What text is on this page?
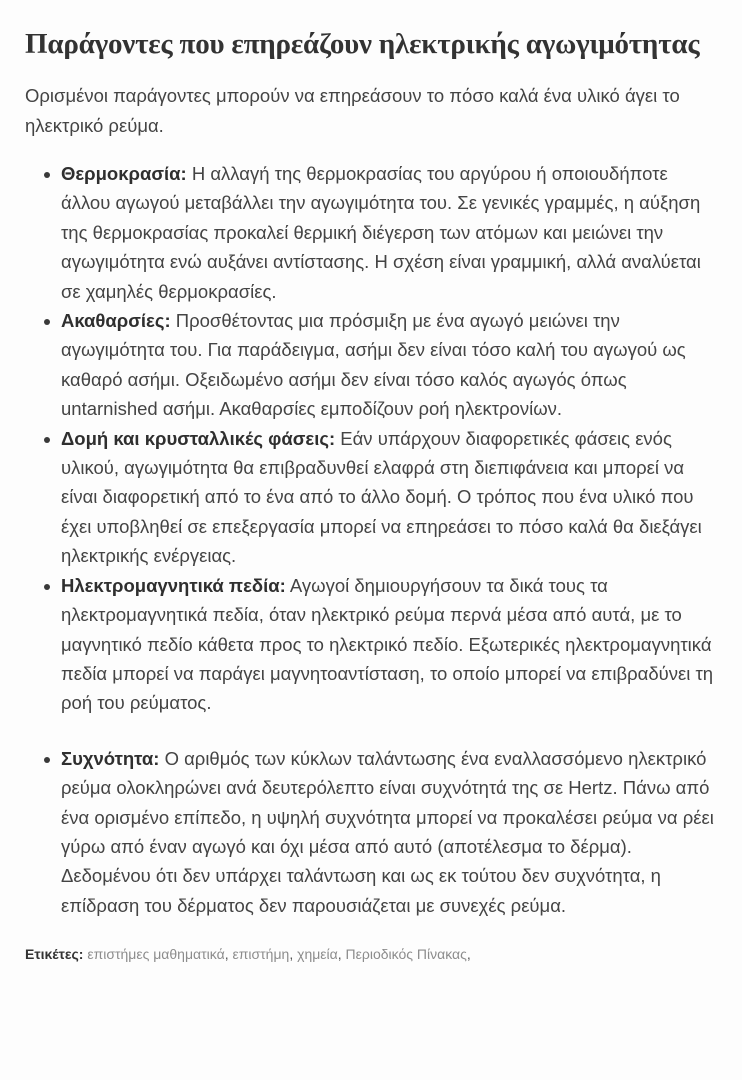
Παράγοντες που επηρεάζουν ηλεκτρικής αγωγιμότητας

Ορισμένοι παράγοντες μπορούν να επηρεάσουν το πόσο καλά ένα υλικό άγει το ηλεκτρικό ρεύμα.

Θερμοκρασία: Η αλλαγή της θερμοκρασίας του αργύρου ή οποιουδήποτε άλλου αγωγού μεταβάλλει την αγωγιμότητα του. Σε γενικές γραμμές, η αύξηση της θερμοκρασίας προκαλεί θερμική διέγερση των ατόμων και μειώνει την αγωγιμότητα ενώ αυξάνει αντίστασης. Η σχέση είναι γραμμική, αλλά αναλύεται σε χαμηλές θερμοκρασίες.
Ακαθαρσίες: Προσθέτοντας μια πρόσμιξη με ένα αγωγό μειώνει την αγωγιμότητα του. Για παράδειγμα, ασήμι δεν είναι τόσο καλή του αγωγού ως καθαρό ασήμι. Οξειδωμένο ασήμι δεν είναι τόσο καλός αγωγός όπως untarnished ασήμι. Ακαθαρσίες εμποδίζουν ροή ηλεκτρονίων.
Δομή και κρυσταλλικές φάσεις: Εάν υπάρχουν διαφορετικές φάσεις ενός υλικού, αγωγιμότητα θα επιβραδυνθεί ελαφρά στη διεπιφάνεια και μπορεί να είναι διαφορετική από το ένα από το άλλο δομή. Ο τρόπος που ένα υλικό που έχει υποβληθεί σε επεξεργασία μπορεί να επηρεάσει το πόσο καλά θα διεξάγει ηλεκτρικής ενέργειας.
Ηλεκτρομαγνητικά πεδία: Αγωγοί δημιουργήσουν τα δικά τους τα ηλεκτρομαγνητικά πεδία, όταν ηλεκτρικό ρεύμα περνά μέσα από αυτά, με το μαγνητικό πεδίο κάθετα προς το ηλεκτρικό πεδίο. Εξωτερικές ηλεκτρομαγνητικά πεδία μπορεί να παράγει μαγνητοαντίσταση, το οποίο μπορεί να επιβραδύνει τη ροή του ρεύματος.
Συχνότητα: Ο αριθμός των κύκλων ταλάντωσης ένα εναλλασσόμενο ηλεκτρικό ρεύμα ολοκληρώνει ανά δευτερόλεπτο είναι συχνότητά της σε Hertz. Πάνω από ένα ορισμένο επίπεδο, η υψηλή συχνότητα μπορεί να προκαλέσει ρεύμα να ρέει γύρω από έναν αγωγό και όχι μέσα από αυτό (αποτέλεσμα το δέρμα). Δεδομένου ότι δεν υπάρχει ταλάντωση και ως εκ τούτου δεν συχνότητα, η επίδραση του δέρματος δεν παρουσιάζεται με συνεχές ρεύμα.
Ετικέτες: επιστήμες μαθηματικά, επιστήμη, χημεία, Περιοδικός Πίνακας,
